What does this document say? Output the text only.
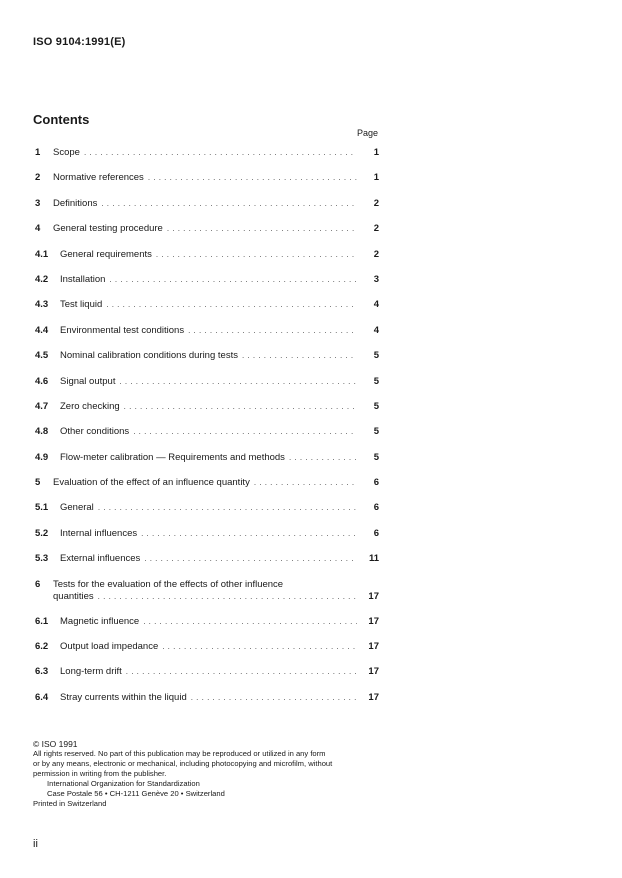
ISO 9104:1991(E)
Contents
Page
1 Scope . . .	1
2 Normative references . . .	1
3 Definitions . . .	2
4 General testing procedure . . .	2
4.1 General requirements . . .	2
4.2 Installation . . .	3
4.3 Test liquid . . .	4
4.4 Environmental test conditions . . .	4
4.5 Nominal calibration conditions during tests . . .	5
4.6 Signal output . . .	5
4.7 Zero checking . . .	5
4.8 Other conditions . . .	5
4.9 Flow-meter calibration — Requirements and methods . . .	5
5 Evaluation of the effect of an influence quantity . . .	6
5.1 General . . .	6
5.2 Internal influences . . .	6
5.3 External influences . . .	11
6 Tests for the evaluation of the effects of other influence
quantities . . .	17
6.1 Magnetic influence . . .	17
6.2 Output load impedance . . .	17
6.3 Long-term drift . . .	17
6.4 Stray currents within the liquid . . .	17
© ISO 1991
All rights reserved. No part of this publication may be reproduced or utilized in any form
or by any means, electronic or mechanical, including photocopying and microfilm, without
permission in writing from the publisher.
International Organization for Standardization
Case Postale 56 • CH-1211 Genève 20 • Switzerland
Printed in Switzerland
ii
